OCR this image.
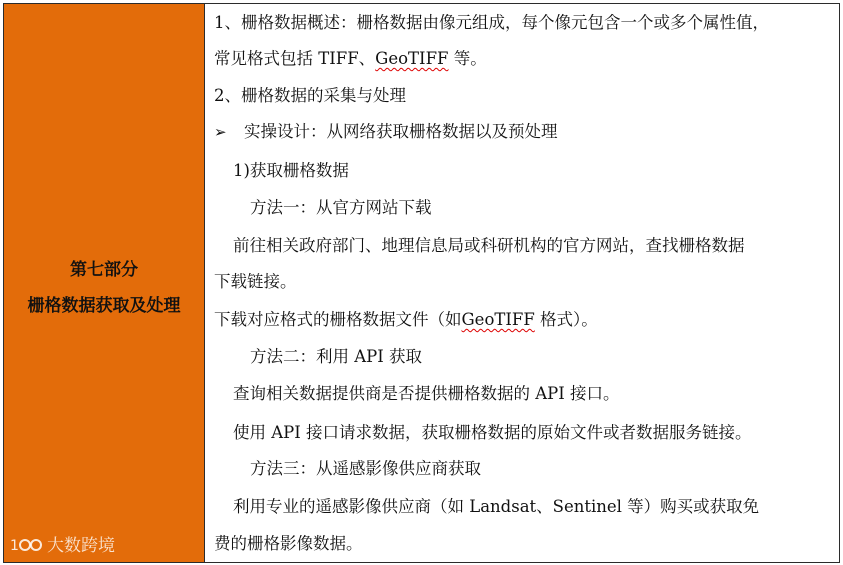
第七部分
栅格数据获取及处理
1 大数跨境
1、栅格数据概述：栅格数据由像元组成，每个像元包含一个或多个属性值，
常见格式包括 TIFF、GeoTIFF 等。
2、栅格数据的采集与处理
➢ 实操设计：从网络获取栅格数据以及预处理
1)获取栅格数据
方法一：从官方网站下载
前往相关政府部门、地理信息局或科研机构的官方网站，查找栅格数据
下载链接。
下载对应格式的栅格数据文件（如GeoTIFF 格式）。
方法二：利用 API 获取
查询相关数据提供商是否提供栅格数据的 API 接口。
使用 API 接口请求数据，获取栅格数据的原始文件或者数据服务链接。
方法三：从遥感影像供应商获取
利用专业的遥感影像供应商（如 Landsat、Sentinel 等）购买或获取免
费的栅格影像数据。
